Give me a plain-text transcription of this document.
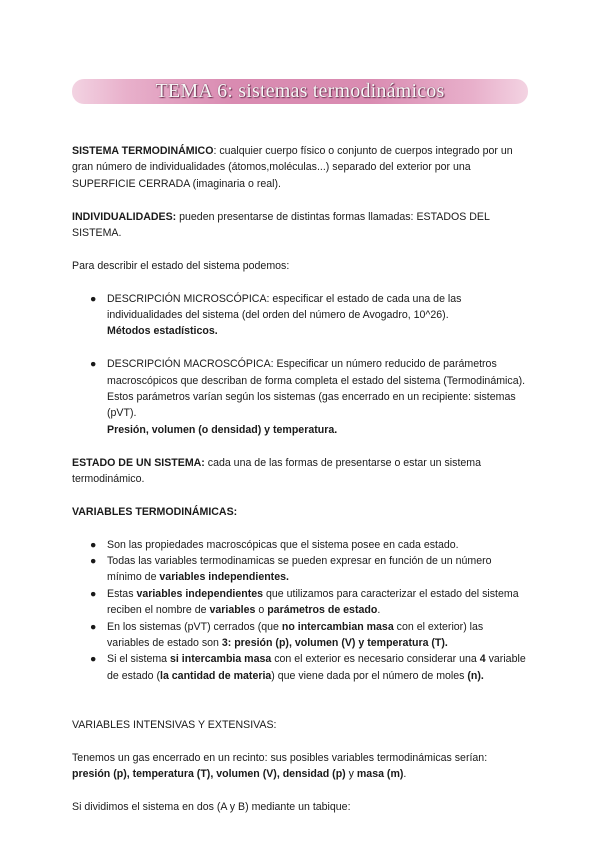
TEMA 6: sistemas termodinámicos

SISTEMA TERMODINÁMICO: cualquier cuerpo físico o conjunto de cuerpos integrado por un gran número de individualidades (átomos,moléculas...) separado del exterior por una SUPERFICIE CERRADA (imaginaria o real).

INDIVIDUALIDADES: pueden presentarse de distintas formas llamadas: ESTADOS DEL SISTEMA.

Para describir el estado del sistema podemos:

● DESCRIPCIÓN MICROSCÓPICA: especificar el estado de cada una de las individualidades del sistema (del orden del número de Avogadro, 10^26).
Métodos estadísticos.
● DESCRIPCIÓN MACROSCÓPICA: Especificar un número reducido de parámetros macroscópicos que describan de forma completa el estado del sistema (Termodinámica).
Estos parámetros varían según los sistemas (gas encerrado en un recipiente: sistemas (pVT).
Presión, volumen (o densidad) y temperatura.

ESTADO DE UN SISTEMA: cada una de las formas de presentarse o estar un sistema termodinámico.

VARIABLES TERMODINÁMICAS:

● Son las propiedades macroscópicas que el sistema posee en cada estado.
● Todas las variables termodinamicas se pueden expresar en función de un número mínimo de variables independientes.
● Estas variables independientes que utilizamos para caracterizar el estado del sistema reciben el nombre de variables o parámetros de estado.
● En los sistemas (pVT) cerrados (que no intercambian masa con el exterior) las variables de estado son 3: presión (p), volumen (V) y temperatura (T).
● Si el sistema si intercambia masa con el exterior es necesario considerar una 4 variable de estado (la cantidad de materia) que viene dada por el número de moles (n).

VARIABLES INTENSIVAS Y EXTENSIVAS:

Tenemos un gas encerrado en un recinto: sus posibles variables termodinámicas serían: presión (p), temperatura (T), volumen (V), densidad (p) y masa (m).

Si dividimos el sistema en dos (A y B) mediante un tabique:
